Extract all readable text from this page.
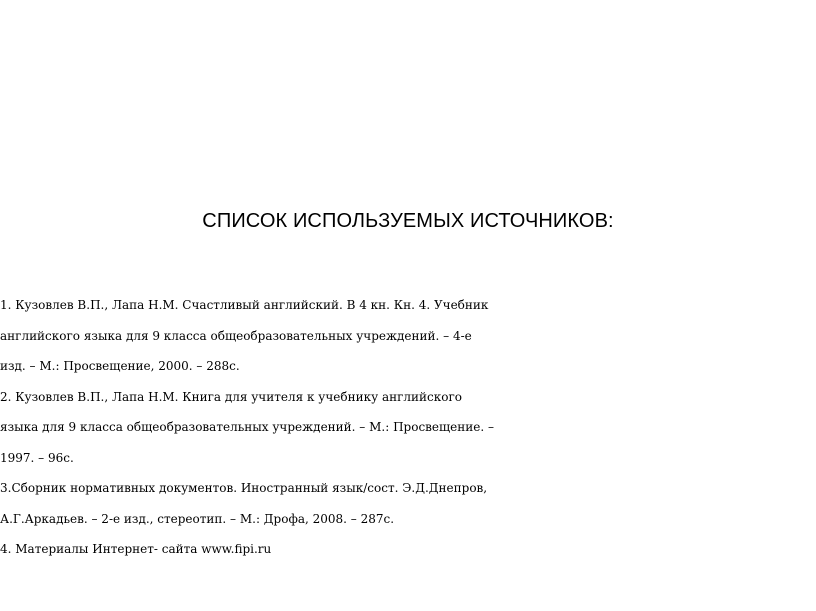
СПИСОК ИСПОЛЬЗУЕМЫХ ИСТОЧНИКОВ:
1. Кузовлев В.П., Лапа Н.М. Счастливый английский. В 4 кн. Кн. 4. Учебник
английского языка для 9 класса общеобразовательных учреждений. – 4-е
изд. – М.: Просвещение, 2000. – 288с.
2. Кузовлев В.П., Лапа Н.М. Книга для учителя к учебнику английского
языка для 9 класса общеобразовательных учреждений. – М.: Просвещение. –
1997. – 96с.
3.Сборник нормативных документов. Иностранный язык/сост. Э.Д.Днепров,
А.Г.Аркадьев. – 2-е изд., стереотип. – М.: Дрофа, 2008. – 287с.
4. Материалы Интернет- сайта www.fipi.ru
